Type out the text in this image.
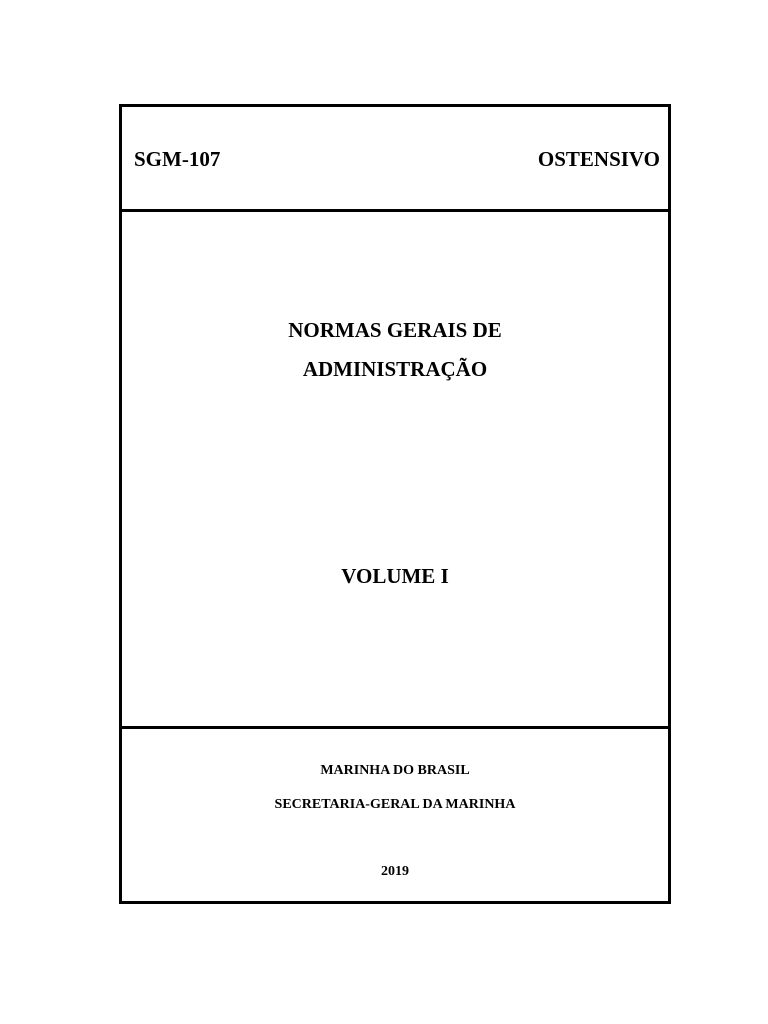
SGM-107	OSTENSIVO
NORMAS GERAIS DE
ADMINISTRAÇÃO
VOLUME I
MARINHA DO BRASIL
SECRETARIA-GERAL DA MARINHA
2019
